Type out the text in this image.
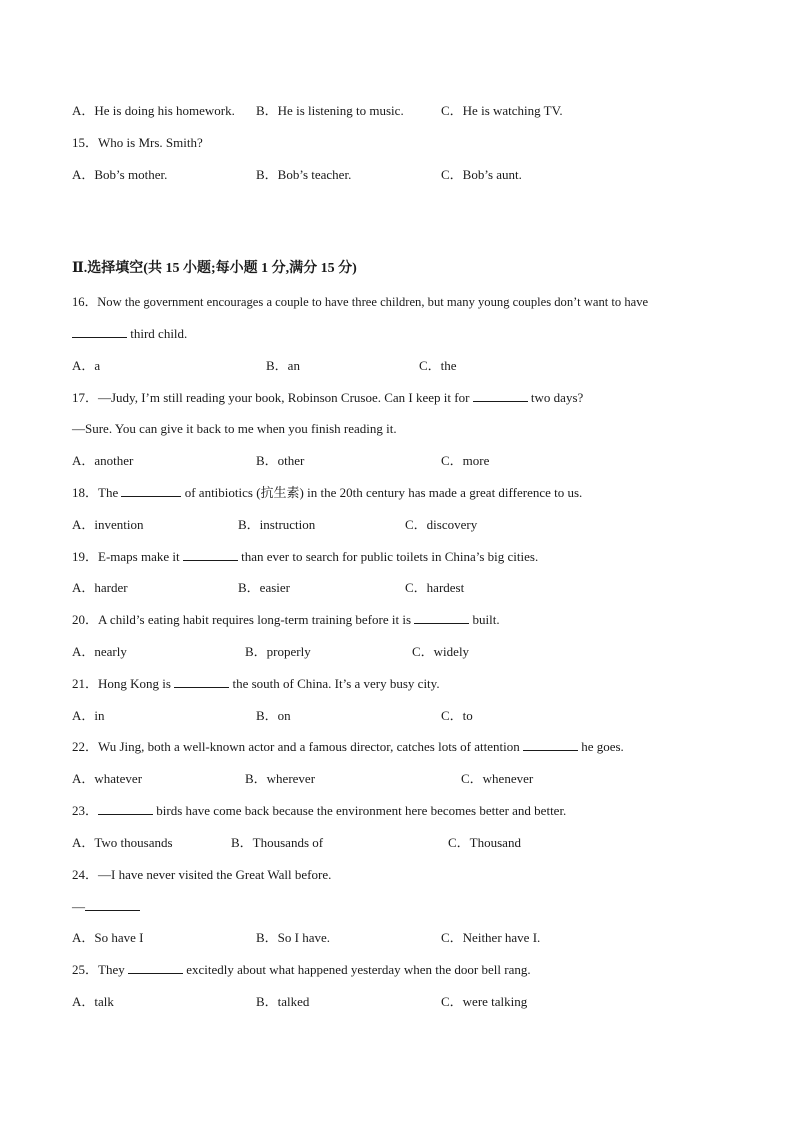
A．He is doing his homework. B．He is listening to music.	C．He is watching TV.
15．Who is Mrs. Smith?
A．Bob’s mother.	B．Bob’s teacher.	C．Bob’s aunt.
Ⅱ.选择填空(共 15 小题;每小题 1 分,满分 15 分)
16．Now the government encourages a couple to have three children, but many young couples don’t want to have
third child.
A．a	B．an	C．the
17．—Judy, I’m still reading your book, Robinson Crusoe. Can I keep it for	two days?
—Sure. You can give it back to me when you finish reading it.
A．another	B．other	C．more
18．The	of antibiotics (抗生素) in the 20th century has made a great difference to us.
A．invention	B．instruction	C．discovery
19．E-maps make it	than ever to search for public toilets in China’s big cities.
A．harder	B．easier	C．hardest
20．A child’s eating habit requires long-term training before it is	built.
A．nearly	B．properly	C．widely
21．Hong Kong is	the south of China. It’s a very busy city.
A．in	B．on	C．to
22．Wu Jing, both a well-known actor and a famous director, catches lots of attention	he goes.
A．whatever	B．wherever	C．whenever
23．	birds have come back because the environment here becomes better and better.
A．Two thousands	B．Thousands of	C．Thousand
24．—I have never visited the Great Wall before.
—
A．So have I	B．So I have.	C．Neither have I.
25．They	excitedly about what happened yesterday when the door bell rang.
A．talk	B．talked	C．were talking
